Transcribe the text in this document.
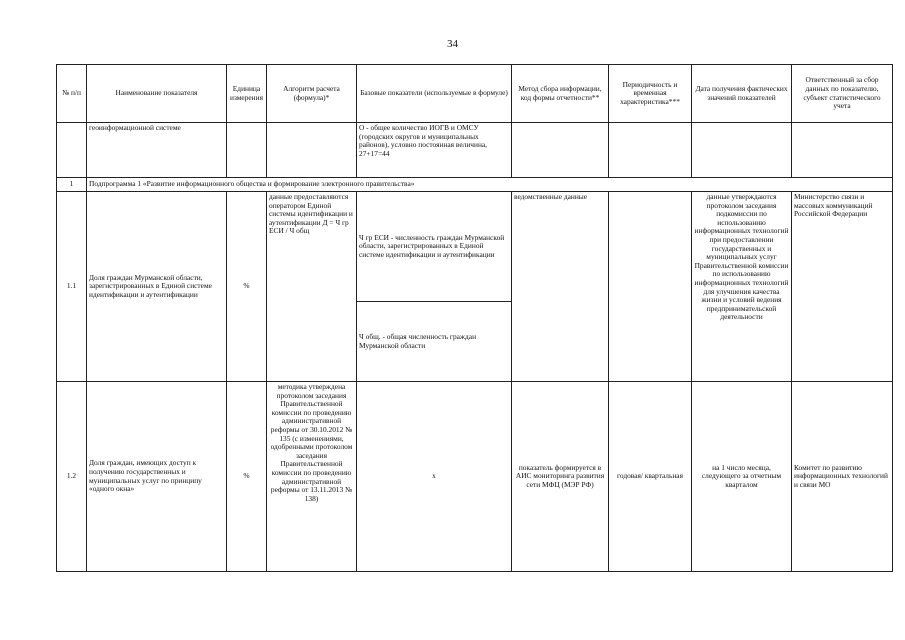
34
№ п/п	Наименование показателя	Единица измерения	Алгоритм расчета (формула)*	Базовые показатели (используемые в формуле)	Метод сбора информации, код формы отчетности**	Периодичность и временная характеристика***	Дата получения фактических значений показателей	Ответственный за сбор данных по показателю, субъект статистического учета
	геоинформационной системе			О - общее количество ИОГВ и ОМСУ (городских округов и муниципальных районов), условно постоянная величина, 27+17=44				
1	Подпрограмма 1 «Развитие информационного общества и формирование электронного правительства»							
1.1	Доля граждан Мурманской области, зарегистрированных в Единой системе идентификации и аутентификации	%	данные предоставляются оператором Единой системы идентификации и аутентификации Д = Ч гр ЕСИ / Ч общ	Ч гр ЕСИ - численность граждан Мурманской области, зарегистрированных в Единой системе идентификации и аутентификации	ведомственные данные		данные утверждаются протоколом заседания подкомиссии по использованию информационных технологий при предоставлении государственных и муниципальных услуг Правительственной комиссии по использованию информационных технологий для улучшения качества жизни и условий ведения предпринимательской деятельности	Министерство связи и массовых коммуникаций Российской Федерации
				Ч общ. - общая численность граждан Мурманской области				
1.2	Доля граждан, имеющих доступ к получению государственных и муниципальных услуг по принципу «одного окна»	%	методика утверждена протоколом заседания Правительственной комиссии по проведению административной реформы от 30.10.2012 № 135 (с изменениями, одобренными протоколом заседания Правительственной комиссии по проведению административной реформы от 13.11.2013 № 138)	х	показатель формируется в АИС мониторинга развития сети МФЦ (МЭР РФ)	годовая/ квартальная	на 1 число месяца, следующего за отчетным кварталом	Комитет по развитию информационных технологий и связи МО
